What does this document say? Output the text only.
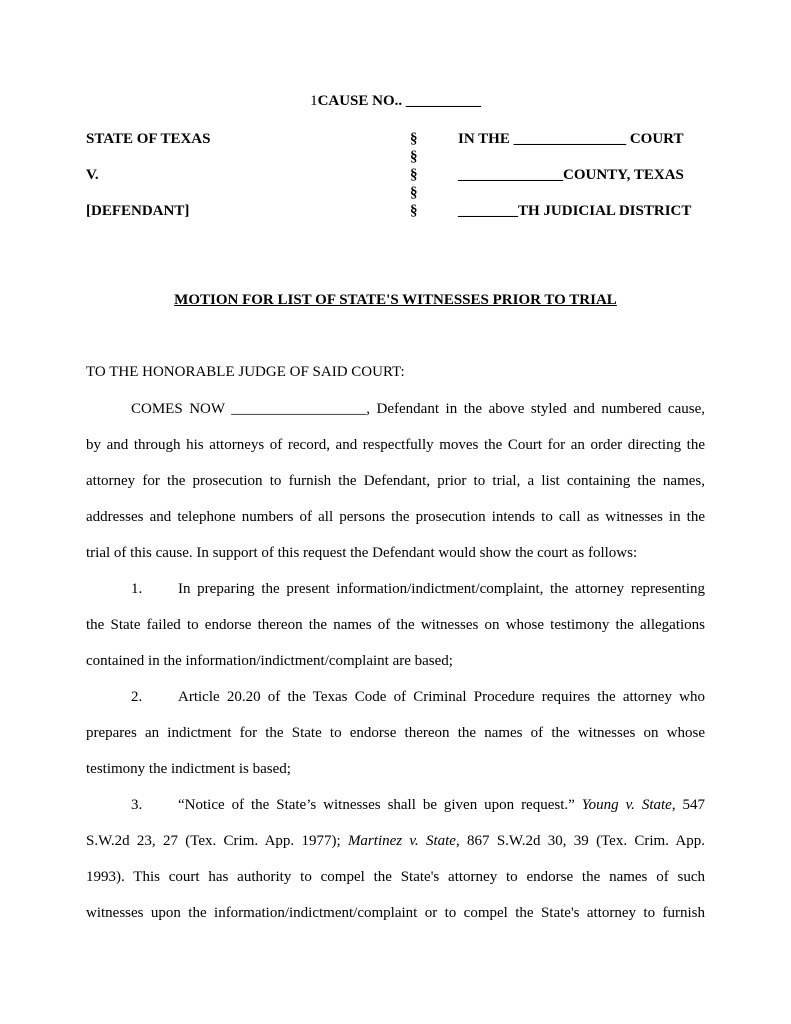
1CAUSE NO.. __________
STATE OF TEXAS
V.
[DEFENDANT]
§
§
§
§
§
IN THE _______________ COURT
______________COUNTY, TEXAS
________TH JUDICIAL DISTRICT
MOTION FOR LIST OF STATE'S WITNESSES PRIOR TO TRIAL
TO THE HONORABLE JUDGE OF SAID COURT:
COMES NOW __________________, Defendant in the above styled and numbered cause,
by and through his attorneys of record, and respectfully moves the Court for an order directing the
attorney for the prosecution to furnish the Defendant, prior to trial, a list containing the names,
addresses and telephone numbers of all persons the prosecution intends to call as witnesses in the
trial of this cause. In support of this request the Defendant would show the court as follows:
1. In preparing the present information/indictment/complaint, the attorney representing
the State failed to endorse thereon the names of the witnesses on whose testimony the allegations
contained in the information/indictment/complaint are based;
2. Article 20.20 of the Texas Code of Criminal Procedure requires the attorney who
prepares an indictment for the State to endorse thereon the names of the witnesses on whose
testimony the indictment is based;
3. “Notice of the State’s witnesses shall be given upon request.” Young v. State, 547
S.W.2d 23, 27 (Tex. Crim. App. 1977); Martinez v. State, 867 S.W.2d 30, 39 (Tex. Crim. App.
1993). This court has authority to compel the State's attorney to endorse the names of such
witnesses upon the information/indictment/complaint or to compel the State's attorney to furnish
